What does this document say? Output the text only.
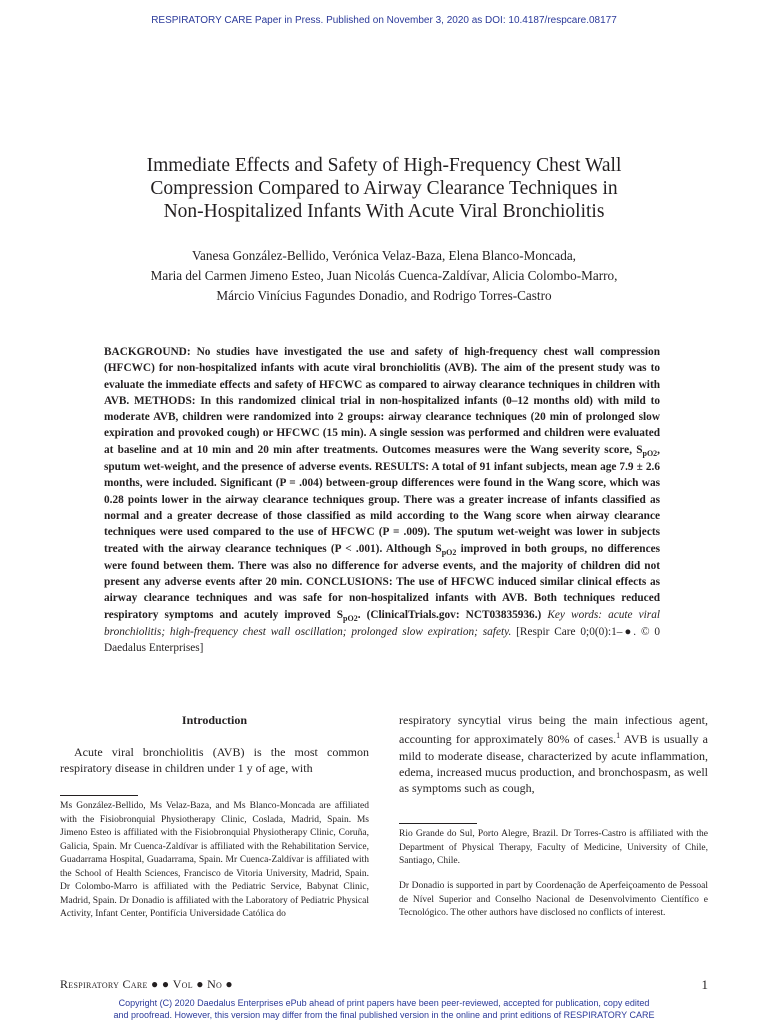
RESPIRATORY CARE Paper in Press. Published on November 3, 2020 as DOI: 10.4187/respcare.08177
Immediate Effects and Safety of High-Frequency Chest Wall
Compression Compared to Airway Clearance Techniques in
Non-Hospitalized Infants With Acute Viral Bronchiolitis
Vanesa González-Bellido, Verónica Velaz-Baza, Elena Blanco-Moncada,
Maria del Carmen Jimeno Esteo, Juan Nicolás Cuenca-Zaldívar, Alicia Colombo-Marro,
Márcio Vinícius Fagundes Donadio, and Rodrigo Torres-Castro
BACKGROUND: No studies have investigated the use and safety of high-frequency chest wall compression (HFCWC) for non-hospitalized infants with acute viral bronchiolitis (AVB). The aim of the present study was to evaluate the immediate effects and safety of HFCWC as compared to airway clearance techniques in children with AVB. METHODS: In this randomized clinical trial in non-hospitalized infants (0–12 months old) with mild to moderate AVB, children were randomized into 2 groups: airway clearance techniques (20 min of prolonged slow expiration and provoked cough) or HFCWC (15 min). A single session was performed and children were evaluated at baseline and at 10 min and 20 min after treatments. Outcomes measures were the Wang severity score, $S_{pO2}$, sputum wet-weight, and the presence of adverse events. RESULTS: A total of 91 infant subjects, mean age 7.9 ± 2.6 months, were included. Significant (P = .004) between-group differences were found in the Wang score, which was 0.28 points lower in the airway clearance techniques group. There was a greater increase of infants classified as normal and a greater decrease of those classified as mild according to the Wang score when airway clearance techniques were used compared to the use of HFCWC (P = .009). The sputum wet-weight was lower in subjects treated with the airway clearance techniques (P < .001). Although $S_{pO2}$ improved in both groups, no differences were found between them. There was also no difference for adverse events, and the majority of children did not present any adverse events after 20 min. CONCLUSIONS: The use of HFCWC induced similar clinical effects as airway clearance techniques and was safe for non-hospitalized infants with AVB. Both techniques reduced respiratory symptoms and acutely improved $S_{pO2}$. (ClinicalTrials.gov: NCT03835936.) Key words: acute viral bronchiolitis; high-frequency chest wall oscillation; prolonged slow expiration; safety. [Respir Care 0;0(0):1–●. © 0 Daedalus Enterprises]
Introduction
Acute viral bronchiolitis (AVB) is the most common respiratory disease in children under 1 y of age, with
respiratory syncytial virus being the main infectious agent, accounting for approximately 80% of cases.$^1$ AVB is usually a mild to moderate disease, characterized by acute inflammation, edema, increased mucus production, and bronchospasm, as well as symptoms such as cough,
Ms González-Bellido, Ms Velaz-Baza, and Ms Blanco-Moncada are affiliated with the Fisiobronquial Physiotherapy Clinic, Coslada, Madrid, Spain. Ms Jimeno Esteo is affiliated with the Fisiobronquial Physiotherapy Clinic, Coruña, Galicia, Spain. Mr Cuenca-Zaldívar is affiliated with the Rehabilitation Service, Guadarrama Hospital, Guadarrama, Spain. Mr Cuenca-Zaldívar is affiliated with the School of Health Sciences, Francisco de Vitoria University, Madrid, Spain. Dr Colombo-Marro is affiliated with the Pediatric Service, Babynat Clinic, Madrid, Spain. Dr Donadio is affiliated with the Laboratory of Pediatric Physical Activity, Infant Center, Pontifícia Universidade Católica do
Rio Grande do Sul, Porto Alegre, Brazil. Dr Torres-Castro is affiliated with the Department of Physical Therapy, Faculty of Medicine, University of Chile, Santiago, Chile.
Dr Donadio is supported in part by Coordenação de Aperfeiçoamento de Pessoal de Nível Superior and Conselho Nacional de Desenvolvimento Científico e Tecnológico. The other authors have disclosed no conflicts of interest.
Respiratory Care ● ● Vol ● No ●	1
Copyright (C) 2020 Daedalus Enterprises ePub ahead of print papers have been peer-reviewed, accepted for publication, copy edited
and proofread. However, this version may differ from the final published version in the online and print editions of RESPIRATORY CARE
